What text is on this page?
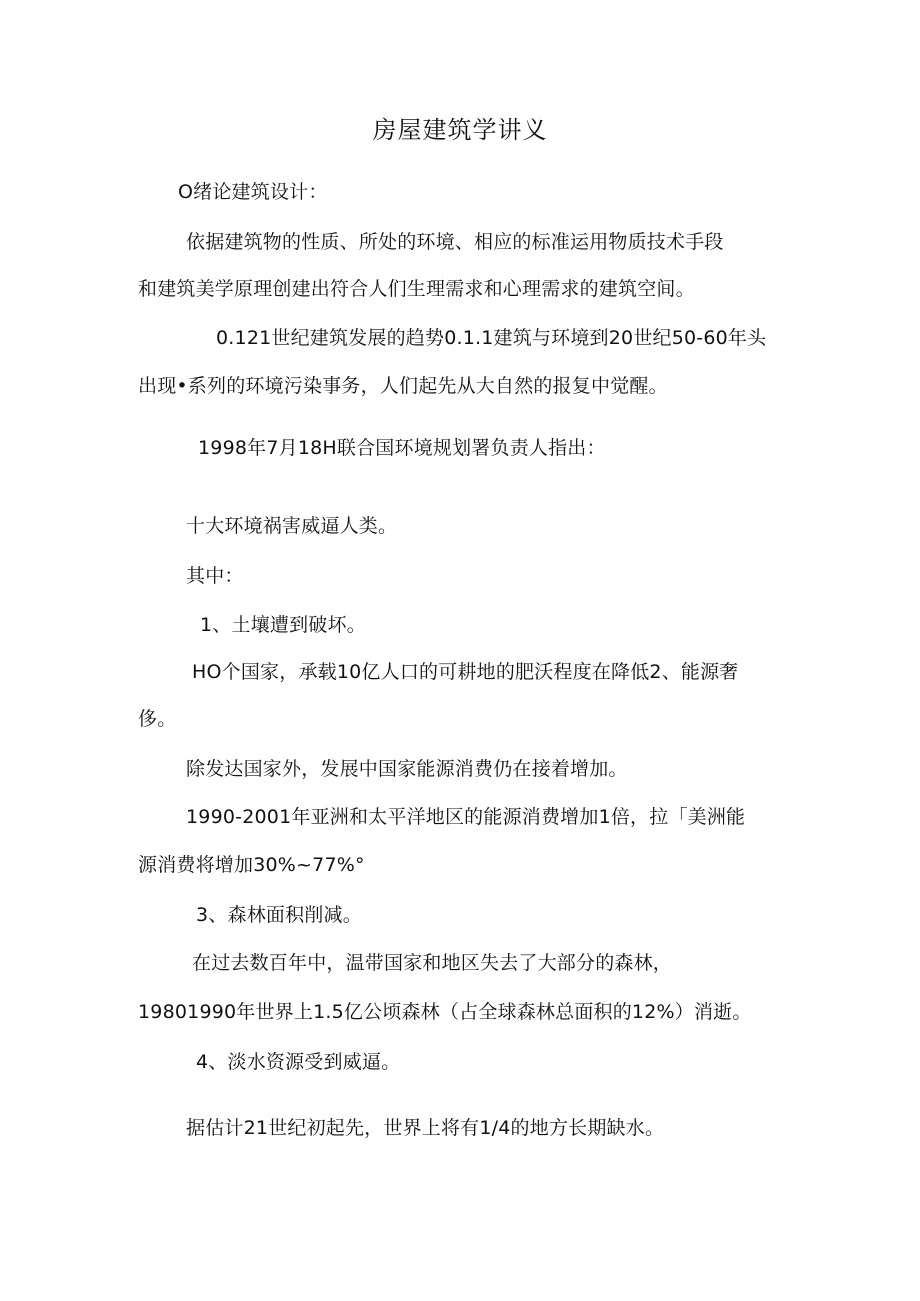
房屋建筑学讲义

O绪论建筑设计：

依据建筑物的性质、所处的环境、相应的标准运用物质技术手段

和建筑美学原理创建出符合人们生理需求和心理需求的建筑空间。

0.121世纪建筑发展的趋势0.1.1建筑与环境到20世纪50-60年头

出现•系列的环境污染事务，人们起先从大自然的报复中觉醒。

1998年7月18H联合国环境规划署负责人指出：

十大环境祸害威逼人类。

其中：

1、土壤遭到破坏。

HO个国家，承载10亿人口的可耕地的肥沃程度在降低2、能源奢

侈。

除发达国家外，发展中国家能源消费仍在接着增加。

1990-2001年亚洲和太平洋地区的能源消费增加1倍，拉「美洲能

源消费将增加30%~77%°

3、森林面积削减。

在过去数百年中，温带国家和地区失去了大部分的森林，

19801990年世界上1.5亿公顷森林（占全球森林总面积的12%）消逝。

4、淡水资源受到威逼。

据估计21世纪初起先，世界上将有1/4的地方长期缺水。
